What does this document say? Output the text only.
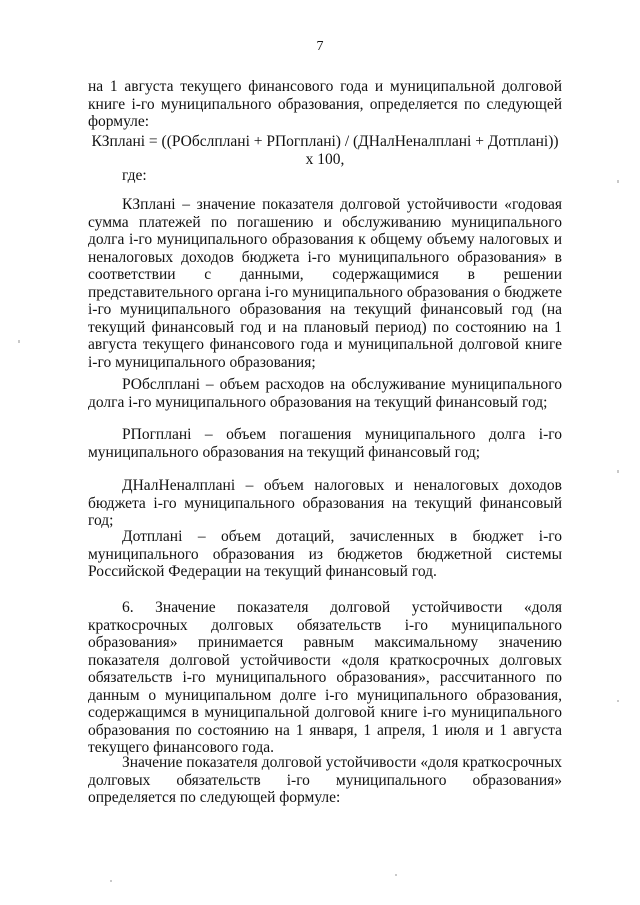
7

на 1 августа текущего финансового года и муниципальной долговой книге i-го муниципального образования, определяется по следующей формуле:

КЗплані = ((РОбслплані + РПогплані) / (ДНалНеналплані + Дотплані)) x 100,

где:

КЗплані – значение показателя долговой устойчивости «годовая сумма платежей по погашению и обслуживанию муниципального долга i-го муниципального образования к общему объему налоговых и неналоговых доходов бюджета i-го муниципального образования» в соответствии с данными, содержащимися в решении представительного органа i-го муниципального образования о бюджете i-го муниципального образования на текущий финансовый год (на текущий финансовый год и на плановый период) по состоянию на 1 августа текущего финансового года и муниципальной долговой книге i-го муниципального образования;

РОбслплані – объем расходов на обслуживание муниципального долга i-го муниципального образования на текущий финансовый год;

РПогплані – объем погашения муниципального долга i-го муниципального образования на текущий финансовый год;

ДНалНеналплані – объем налоговых и неналоговых доходов бюджета i-го муниципального образования на текущий финансовый год;

Дотплані – объем дотаций, зачисленных в бюджет i-го муниципального образования из бюджетов бюджетной системы Российской Федерации на текущий финансовый год.

6. Значение показателя долговой устойчивости «доля краткосрочных долговых обязательств i-го муниципального образования» принимается равным максимальному значению показателя долговой устойчивости «доля краткосрочных долговых обязательств i-го муниципального образования», рассчитанного по данным о муниципальном долге i-го муниципального образования, содержащимся в муниципальной долговой книге i-го муниципального образования по состоянию на 1 января, 1 апреля, 1 июля и 1 августа текущего финансового года.

Значение показателя долговой устойчивости «доля краткосрочных долговых обязательств i-го муниципального образования» определяется по следующей формуле:
